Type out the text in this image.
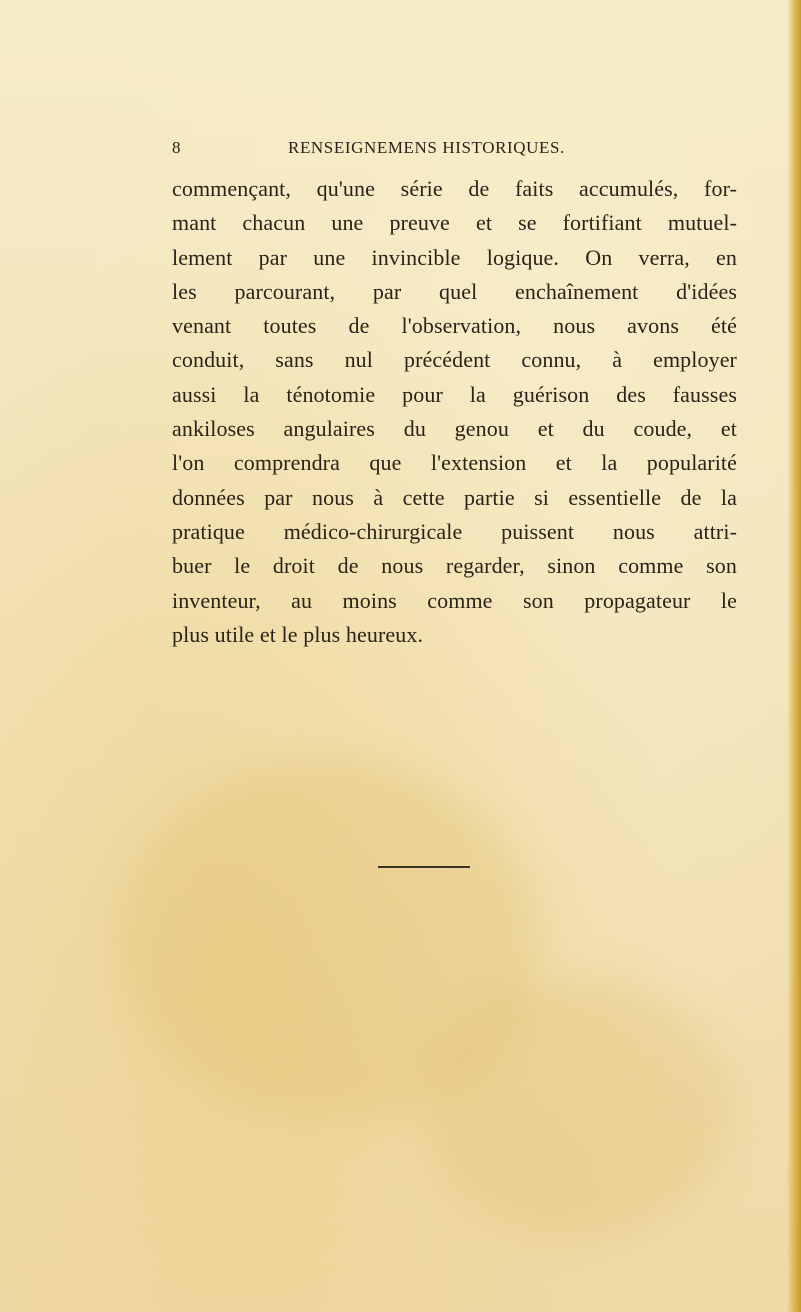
8	RENSEIGNEMENS HISTORIQUES.
commençant, qu'une série de faits accumulés, for-
mant chacun une preuve et se fortifiant mutuel-
lement par une invincible logique. On verra, en
les parcourant, par quel enchaînement d'idées
venant toutes de l'observation, nous avons été
conduit, sans nul précédent connu, à employer
aussi la ténotomie pour la guérison des fausses
ankiloses angulaires du genou et du coude, et
l'on comprendra que l'extension et la popularité
données par nous à cette partie si essentielle de la
pratique médico-chirurgicale puissent nous attri-
buer le droit de nous regarder, sinon comme son
inventeur, au moins comme son propagateur le
plus utile et le plus heureux.
